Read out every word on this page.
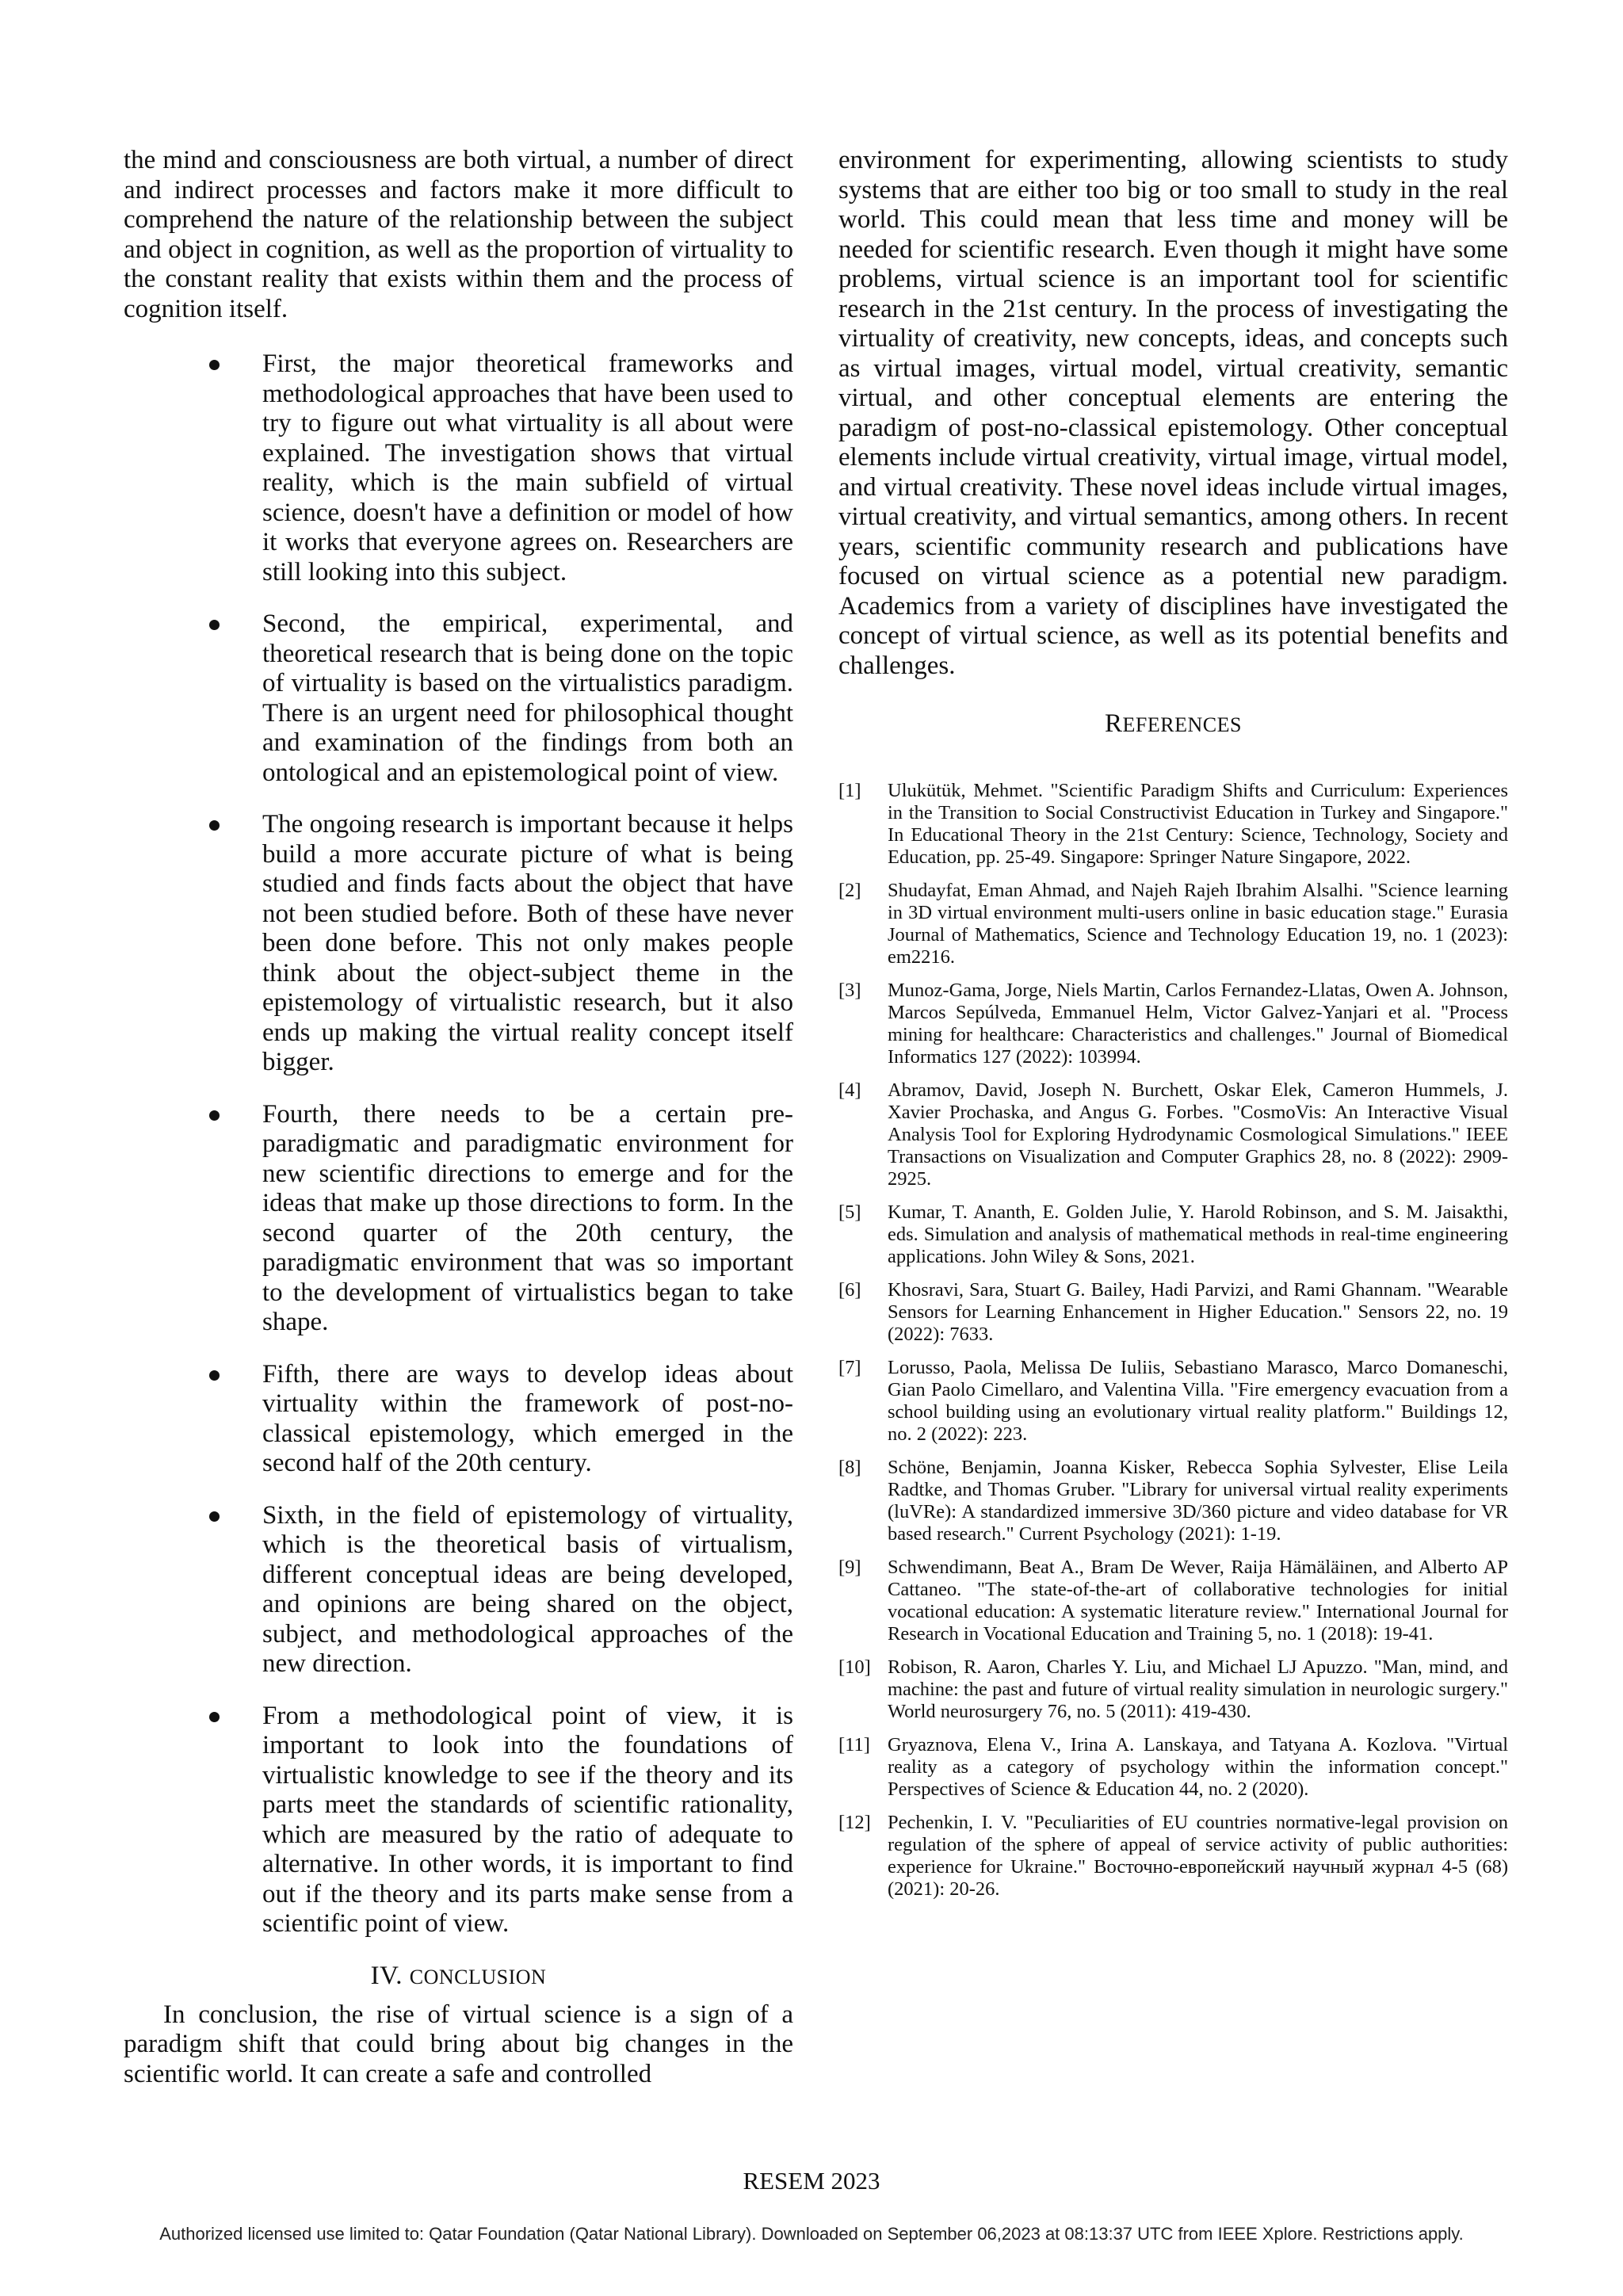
the mind and consciousness are both virtual, a number of direct and indirect processes and factors make it more difficult to comprehend the nature of the relationship between the subject and object in cognition, as well as the proportion of virtuality to the constant reality that exists within them and the process of cognition itself.

First, the major theoretical frameworks and methodological approaches that have been used to try to figure out what virtuality is all about were explained. The investigation shows that virtual reality, which is the main subfield of virtual science, doesn't have a definition or model of how it works that everyone agrees on. Researchers are still looking into this subject.
Second, the empirical, experimental, and theoretical research that is being done on the topic of virtuality is based on the virtualistics paradigm. There is an urgent need for philosophical thought and examination of the findings from both an ontological and an epistemological point of view.
The ongoing research is important because it helps build a more accurate picture of what is being studied and finds facts about the object that have not been studied before. Both of these have never been done before. This not only makes people think about the object-subject theme in the epistemology of virtualistic research, but it also ends up making the virtual reality concept itself bigger.
Fourth, there needs to be a certain pre-paradigmatic and paradigmatic environment for new scientific directions to emerge and for the ideas that make up those directions to form. In the second quarter of the 20th century, the paradigmatic environment that was so important to the development of virtualistics began to take shape.
Fifth, there are ways to develop ideas about virtuality within the framework of post-no-classical epistemology, which emerged in the second half of the 20th century.
Sixth, in the field of epistemology of virtuality, which is the theoretical basis of virtualism, different conceptual ideas are being developed, and opinions are being shared on the object, subject, and methodological approaches of the new direction.
From a methodological point of view, it is important to look into the foundations of virtualistic knowledge to see if the theory and its parts meet the standards of scientific rationality, which are measured by the ratio of adequate to alternative. In other words, it is important to find out if the theory and its parts make sense from a scientific point of view.
IV. CONCLUSION

In conclusion, the rise of virtual science is a sign of a paradigm shift that could bring about big changes in the scientific world. It can create a safe and controlled

environment for experimenting, allowing scientists to study systems that are either too big or too small to study in the real world. This could mean that less time and money will be needed for scientific research. Even though it might have some problems, virtual science is an important tool for scientific research in the 21st century. In the process of investigating the virtuality of creativity, new concepts, ideas, and concepts such as virtual images, virtual model, virtual creativity, semantic virtual, and other conceptual elements are entering the paradigm of post-no-classical epistemology. Other conceptual elements include virtual creativity, virtual image, virtual model, and virtual creativity. These novel ideas include virtual images, virtual creativity, and virtual semantics, among others. In recent years, scientific community research and publications have focused on virtual science as a potential new paradigm. Academics from a variety of disciplines have investigated the concept of virtual science, as well as its potential benefits and challenges.

REFERENCES
[1] Ulukütük, Mehmet. "Scientific Paradigm Shifts and Curriculum: Experiences in the Transition to Social Constructivist Education in Turkey and Singapore." In Educational Theory in the 21st Century: Science, Technology, Society and Education, pp. 25-49. Singapore: Springer Nature Singapore, 2022.
[2] Shudayfat, Eman Ahmad, and Najeh Rajeh Ibrahim Alsalhi. "Science learning in 3D virtual environment multi-users online in basic education stage." Eurasia Journal of Mathematics, Science and Technology Education 19, no. 1 (2023): em2216.
[3] Munoz-Gama, Jorge, Niels Martin, Carlos Fernandez-Llatas, Owen A. Johnson, Marcos Sepúlveda, Emmanuel Helm, Victor Galvez-Yanjari et al. "Process mining for healthcare: Characteristics and challenges." Journal of Biomedical Informatics 127 (2022): 103994.
[4] Abramov, David, Joseph N. Burchett, Oskar Elek, Cameron Hummels, J. Xavier Prochaska, and Angus G. Forbes. "CosmoVis: An Interactive Visual Analysis Tool for Exploring Hydrodynamic Cosmological Simulations." IEEE Transactions on Visualization and Computer Graphics 28, no. 8 (2022): 2909-2925.
[5] Kumar, T. Ananth, E. Golden Julie, Y. Harold Robinson, and S. M. Jaisakthi, eds. Simulation and analysis of mathematical methods in real-time engineering applications. John Wiley & Sons, 2021.
[6] Khosravi, Sara, Stuart G. Bailey, Hadi Parvizi, and Rami Ghannam. "Wearable Sensors for Learning Enhancement in Higher Education." Sensors 22, no. 19 (2022): 7633.
[7] Lorusso, Paola, Melissa De Iuliis, Sebastiano Marasco, Marco Domaneschi, Gian Paolo Cimellaro, and Valentina Villa. "Fire emergency evacuation from a school building using an evolutionary virtual reality platform." Buildings 12, no. 2 (2022): 223.
[8] Schöne, Benjamin, Joanna Kisker, Rebecca Sophia Sylvester, Elise Leila Radtke, and Thomas Gruber. "Library for universal virtual reality experiments (luVRe): A standardized immersive 3D/360 picture and video database for VR based research." Current Psychology (2021): 1-19.
[9] Schwendimann, Beat A., Bram De Wever, Raija Hämäläinen, and Alberto AP Cattaneo. "The state-of-the-art of collaborative technologies for initial vocational education: A systematic literature review." International Journal for Research in Vocational Education and Training 5, no. 1 (2018): 19-41.
[10] Robison, R. Aaron, Charles Y. Liu, and Michael LJ Apuzzo. "Man, mind, and machine: the past and future of virtual reality simulation in neurologic surgery." World neurosurgery 76, no. 5 (2011): 419-430.
[11] Gryaznova, Elena V., Irina A. Lanskaya, and Tatyana A. Kozlova. "Virtual reality as a category of psychology within the information concept." Perspectives of Science & Education 44, no. 2 (2020).
[12] Pechenkin, I. V. "Peculiarities of EU countries normative-legal provision on regulation of the sphere of appeal of service activity of public authorities: experience for Ukraine." Восточно-европейский научный журнал 4-5 (68) (2021): 20-26.
RESEM 2023
Authorized licensed use limited to: Qatar Foundation (Qatar National Library). Downloaded on September 06,2023 at 08:13:37 UTC from IEEE Xplore. Restrictions apply.
